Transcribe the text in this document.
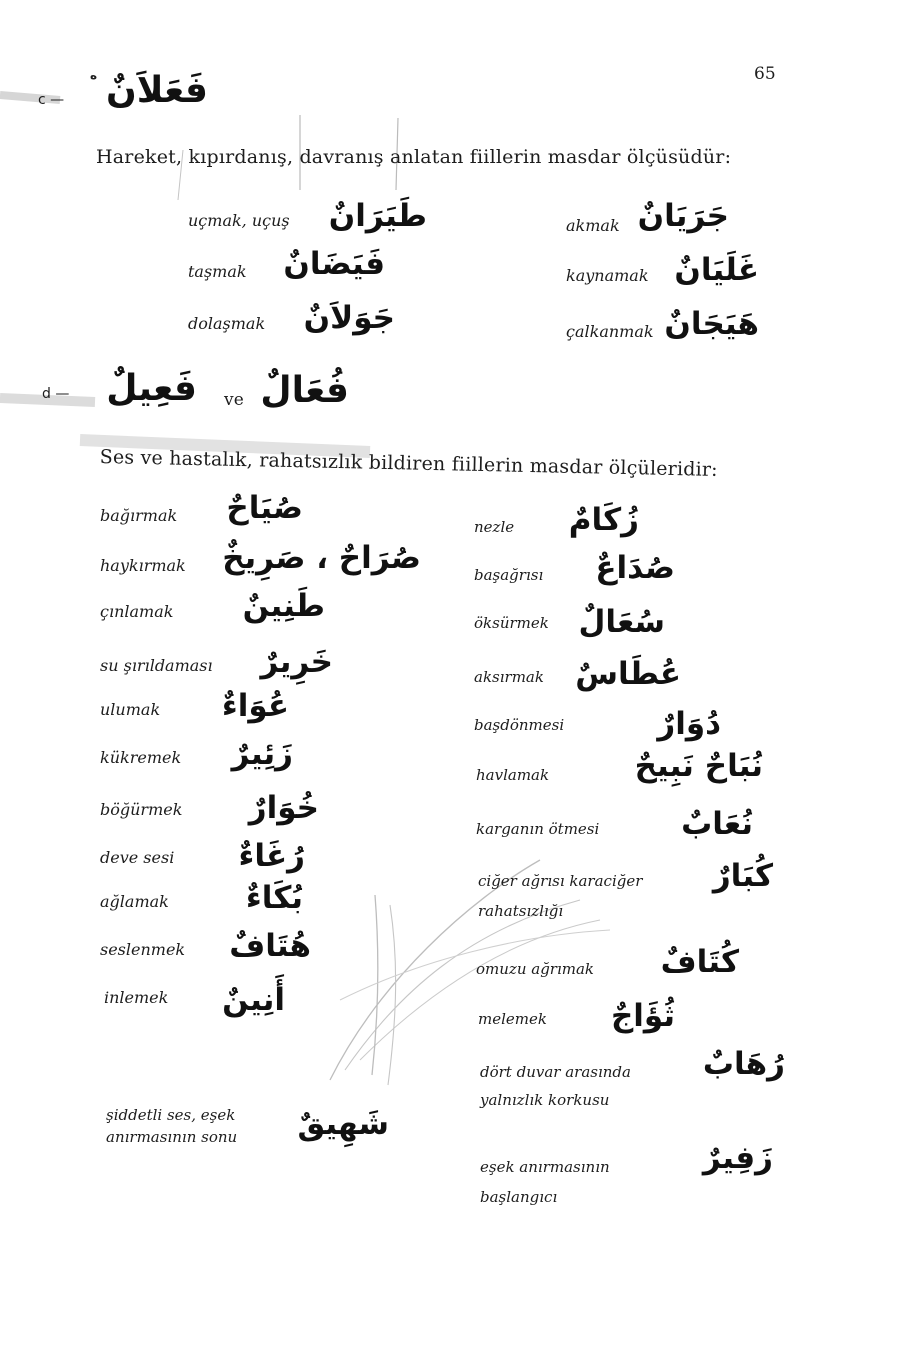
65
c —
ﻩ فَعَلاَنٌ
Hareket, kıpırdanış, davranış anlatan fiillerin masdar ölçüsüdür:
uçmak, uçuş طَيَرَانٌ
taşmak فَيَضَانٌ
dolaşmak جَوَلاَنٌ
akmak جَرَيَانٌ
kaynamak غَلَيَانٌ
çalkanmak هَيَجَانٌ
d — فَعِيلٌ ve فُعَالٌ
Ses ve hastalık, rahatsızlık bildiren fiillerin masdar ölçüleridir:
bağırmak صُيَاحٌ
haykırmak صُرَاحٌ ، صَرِيخٌ
çınlamak طَنِينٌ
su şırıldaması خَرِيرٌ
ulumak عُوَاءٌ
kükremek زَئِيرٌ
böğürmek خُوَارٌ
deve sesi رُغَاءٌ
ağlamak بُكَاءٌ
seslenmek هُتَافٌ
inlemek أَنِينٌ
şiddetli ses, eşek anırmasının sonu	شَهِيقٌ
nezle زُكَامٌ
başağrısı صُدَاعٌ
öksürmek سُعَالٌ
aksırmak عُطَاسٌ
başdönmesi	دُوَارٌ
havlamak	نُبَاحٌ نَبِيحٌ
karganın ötmesi	نُعَابٌ
ciğer ağrısı karaciğer rahatsızlığı
كُبَارٌ
omuzu ağrımak كُتَافٌ
melemek ثُؤَاجٌ
dört duvar arasında yalnızlık korkusu
رُهَابٌ
eşek anırmasının başlangıcı
زَفِيرٌ
